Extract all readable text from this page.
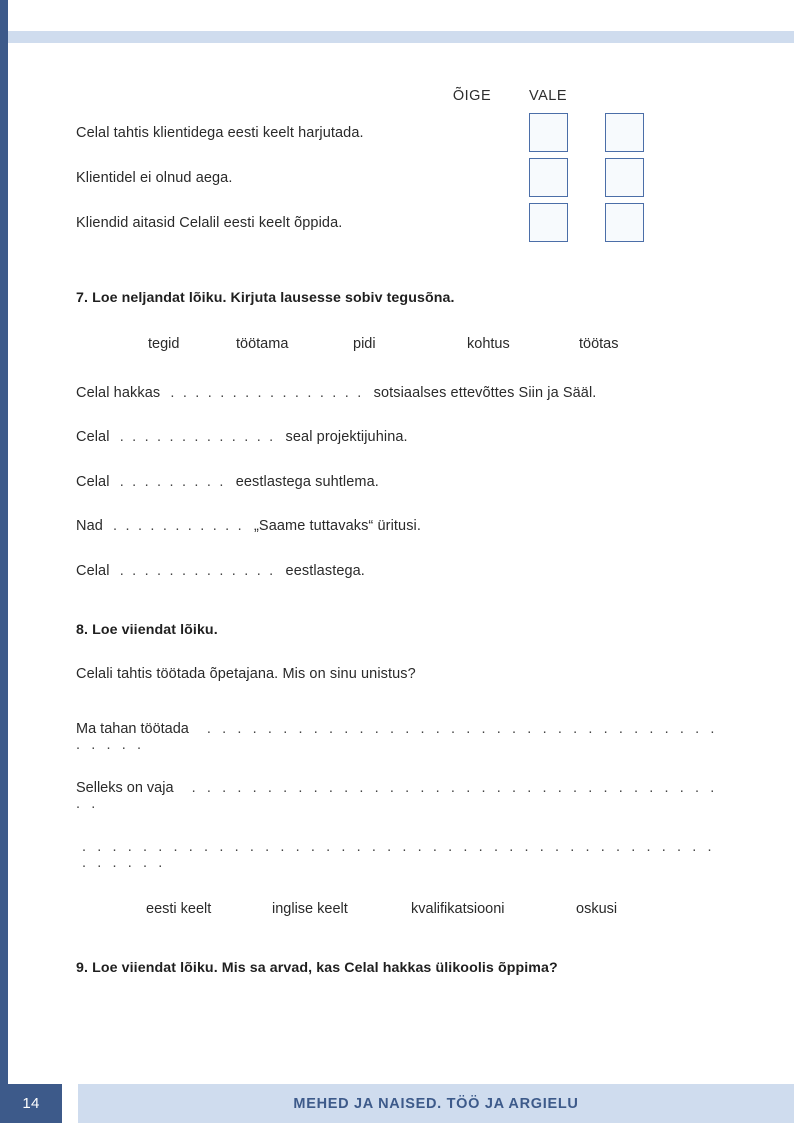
ÕIGE	VALE
Celal tahtis klientidega eesti keelt harjutada.
Klientidel ei olnud aega.
Kliendid aitasid Celalil eesti keelt õppida.
7. Loe neljandat lõiku. Kirjuta lausesse sobiv tegusõna.
tegid	töötama	pidi	kohtus	töötas
Celal hakkas . . . . . . . . . . . . . . . . sotsiaalses ettevõttes Siin ja Sääl.
Celal . . . . . . . . . . . . . seal projektijuhina.
Celal . . . . . . . . . eestlastega suhtlema.
Nad . . . . . . . . . . . „Saame tuttavaks“ üritusi.
Celal . . . . . . . . . . . . . eestlastega.
8. Loe viiendat lõiku.
Celali tahtis töötada õpetajana. Mis on sinu unistus?
Ma tahan töötada . . . . . . . . . . . . . . . . . . . . . . . . . . . . . . . . . . . . . . .
Selleks on vaja . . . . . . . . . . . . . . . . . . . . . . . . . . . . . . . . . . . . .
. . . . . . . . . . . . . . . . . . . . . . . . . . . . . . . . . . . . . . . . . . . . . . . .
eesti keelt	inglise keelt	kvalifikatsiooni	oskusi
9. Loe viiendat lõiku. Mis sa arvad, kas Celal hakkas ülikoolis õppima?
14	MEHED JA NAISED. TÖÖ JA ARGIELU
